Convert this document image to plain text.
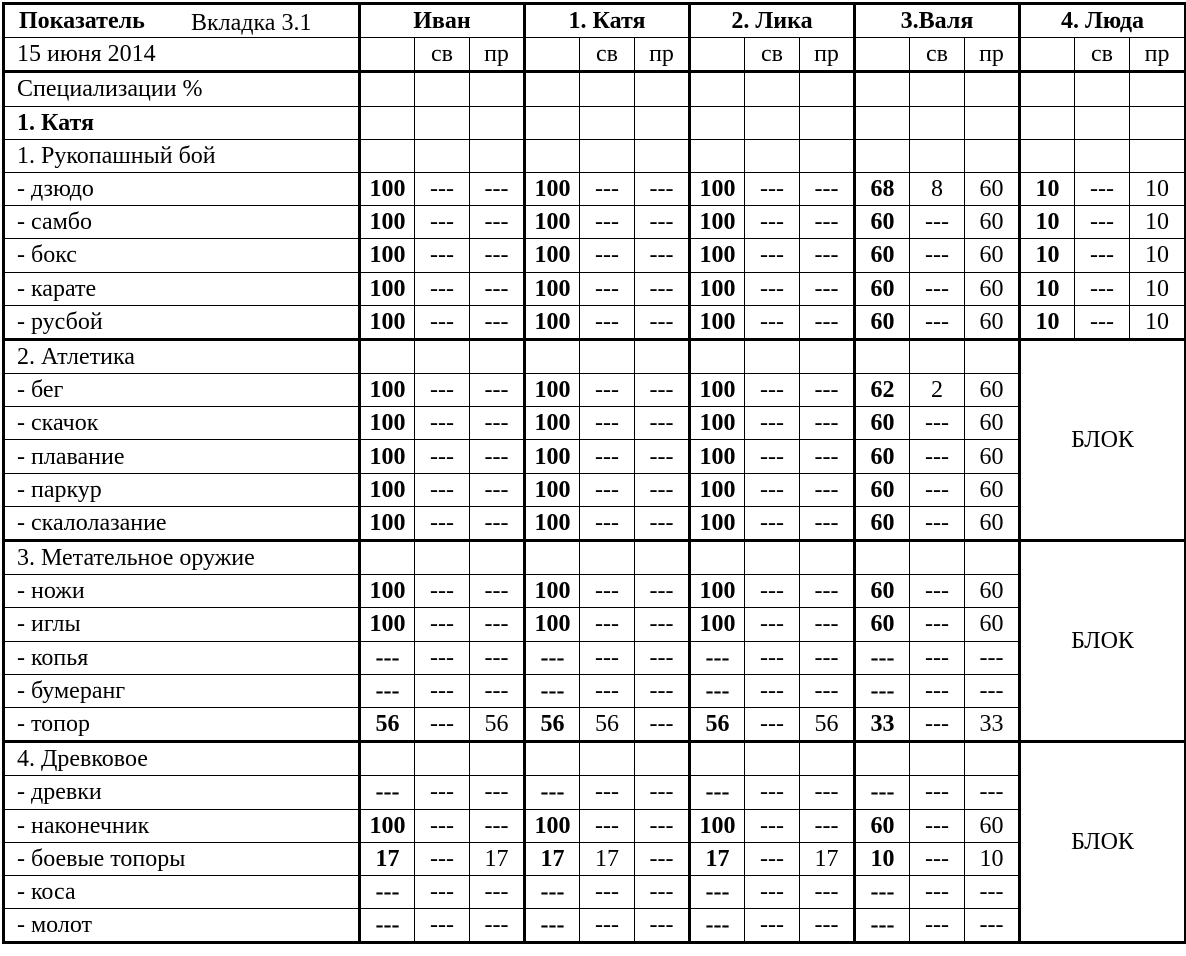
Показатель Вкладка 3.1	Иван			1. Катя			2. Лика			3.Валя			4. Люда		
15 июня 2014		св	пр		св	пр		св	пр		св	пр		св	пр
Специализации %															
1. Катя															
1. Рукопашный бой															
- дзюдо	100	---	---	100	---	---	100	---	---	68	8	60	10	---	10
- самбо	100	---	---	100	---	---	100	---	---	60	---	60	10	---	10
- бокс	100	---	---	100	---	---	100	---	---	60	---	60	10	---	10
- карате	100	---	---	100	---	---	100	---	---	60	---	60	10	---	10
- русбой	100	---	---	100	---	---	100	---	---	60	---	60	10	---	10
2. Атлетика													БЛОК		
- бег	100	---	---	100	---	---	100	---	---	62	2	60			
- скачок	100	---	---	100	---	---	100	---	---	60	---	60			
- плавание	100	---	---	100	---	---	100	---	---	60	---	60			
- паркур	100	---	---	100	---	---	100	---	---	60	---	60			
- скалолазание	100	---	---	100	---	---	100	---	---	60	---	60			
3. Метательное оружие													БЛОК		
- ножи	100	---	---	100	---	---	100	---	---	60	---	60			
- иглы	100	---	---	100	---	---	100	---	---	60	---	60			
- копья	---	---	---	---	---	---	---	---	---	---	---	---			
- бумеранг	---	---	---	---	---	---	---	---	---	---	---	---			
- топор	56	---	56	56	56	---	56	---	56	33	---	33			
4. Древковое													БЛОК		
- древки	---	---	---	---	---	---	---	---	---	---	---	---			
- наконечник	100	---	---	100	---	---	100	---	---	60	---	60			
- боевые топоры	17	---	17	17	17	---	17	---	17	10	---	10			
- коса	---	---	---	---	---	---	---	---	---	---	---	---			
- молот	---	---	---	---	---	---	---	---	---	---	---	---			
